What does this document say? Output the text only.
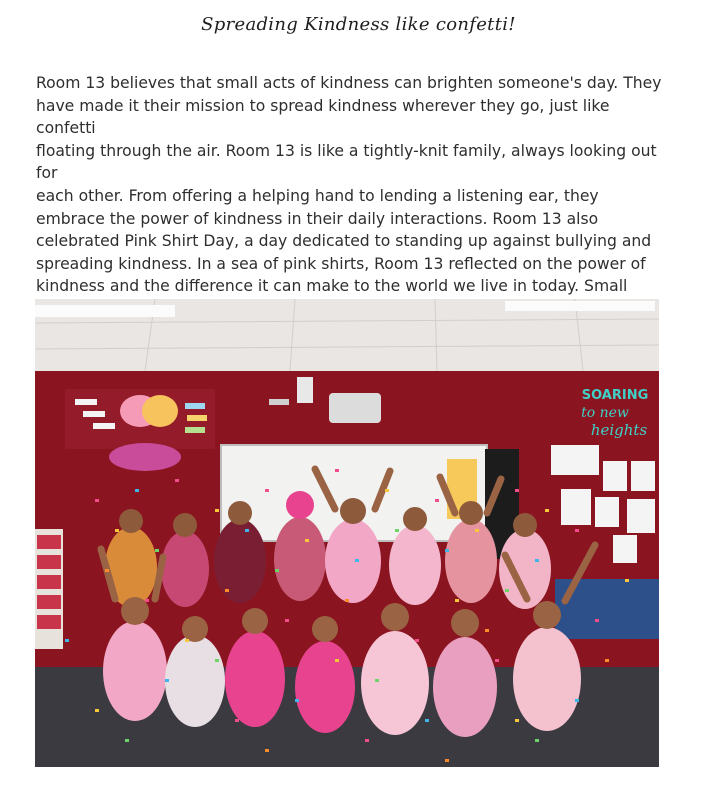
Spreading Kindness like confetti!

Room 13 believes that small acts of kindness can brighten someone's day. They
have made it their mission to spread kindness wherever they go, just like confetti
floating through the air. Room 13 is like a tightly-knit family, always looking out for
each other. From offering a helping hand to lending a listening ear, they
embrace the power of kindness in their daily interactions. Room 13 also
celebrated Pink Shirt Day, a day dedicated to standing up against bullying and
spreading kindness. In a sea of pink shirts, Room 13 reflected on the power of
kindness and the difference it can make to the world we live in today. Small

SOARING
to new
heights
